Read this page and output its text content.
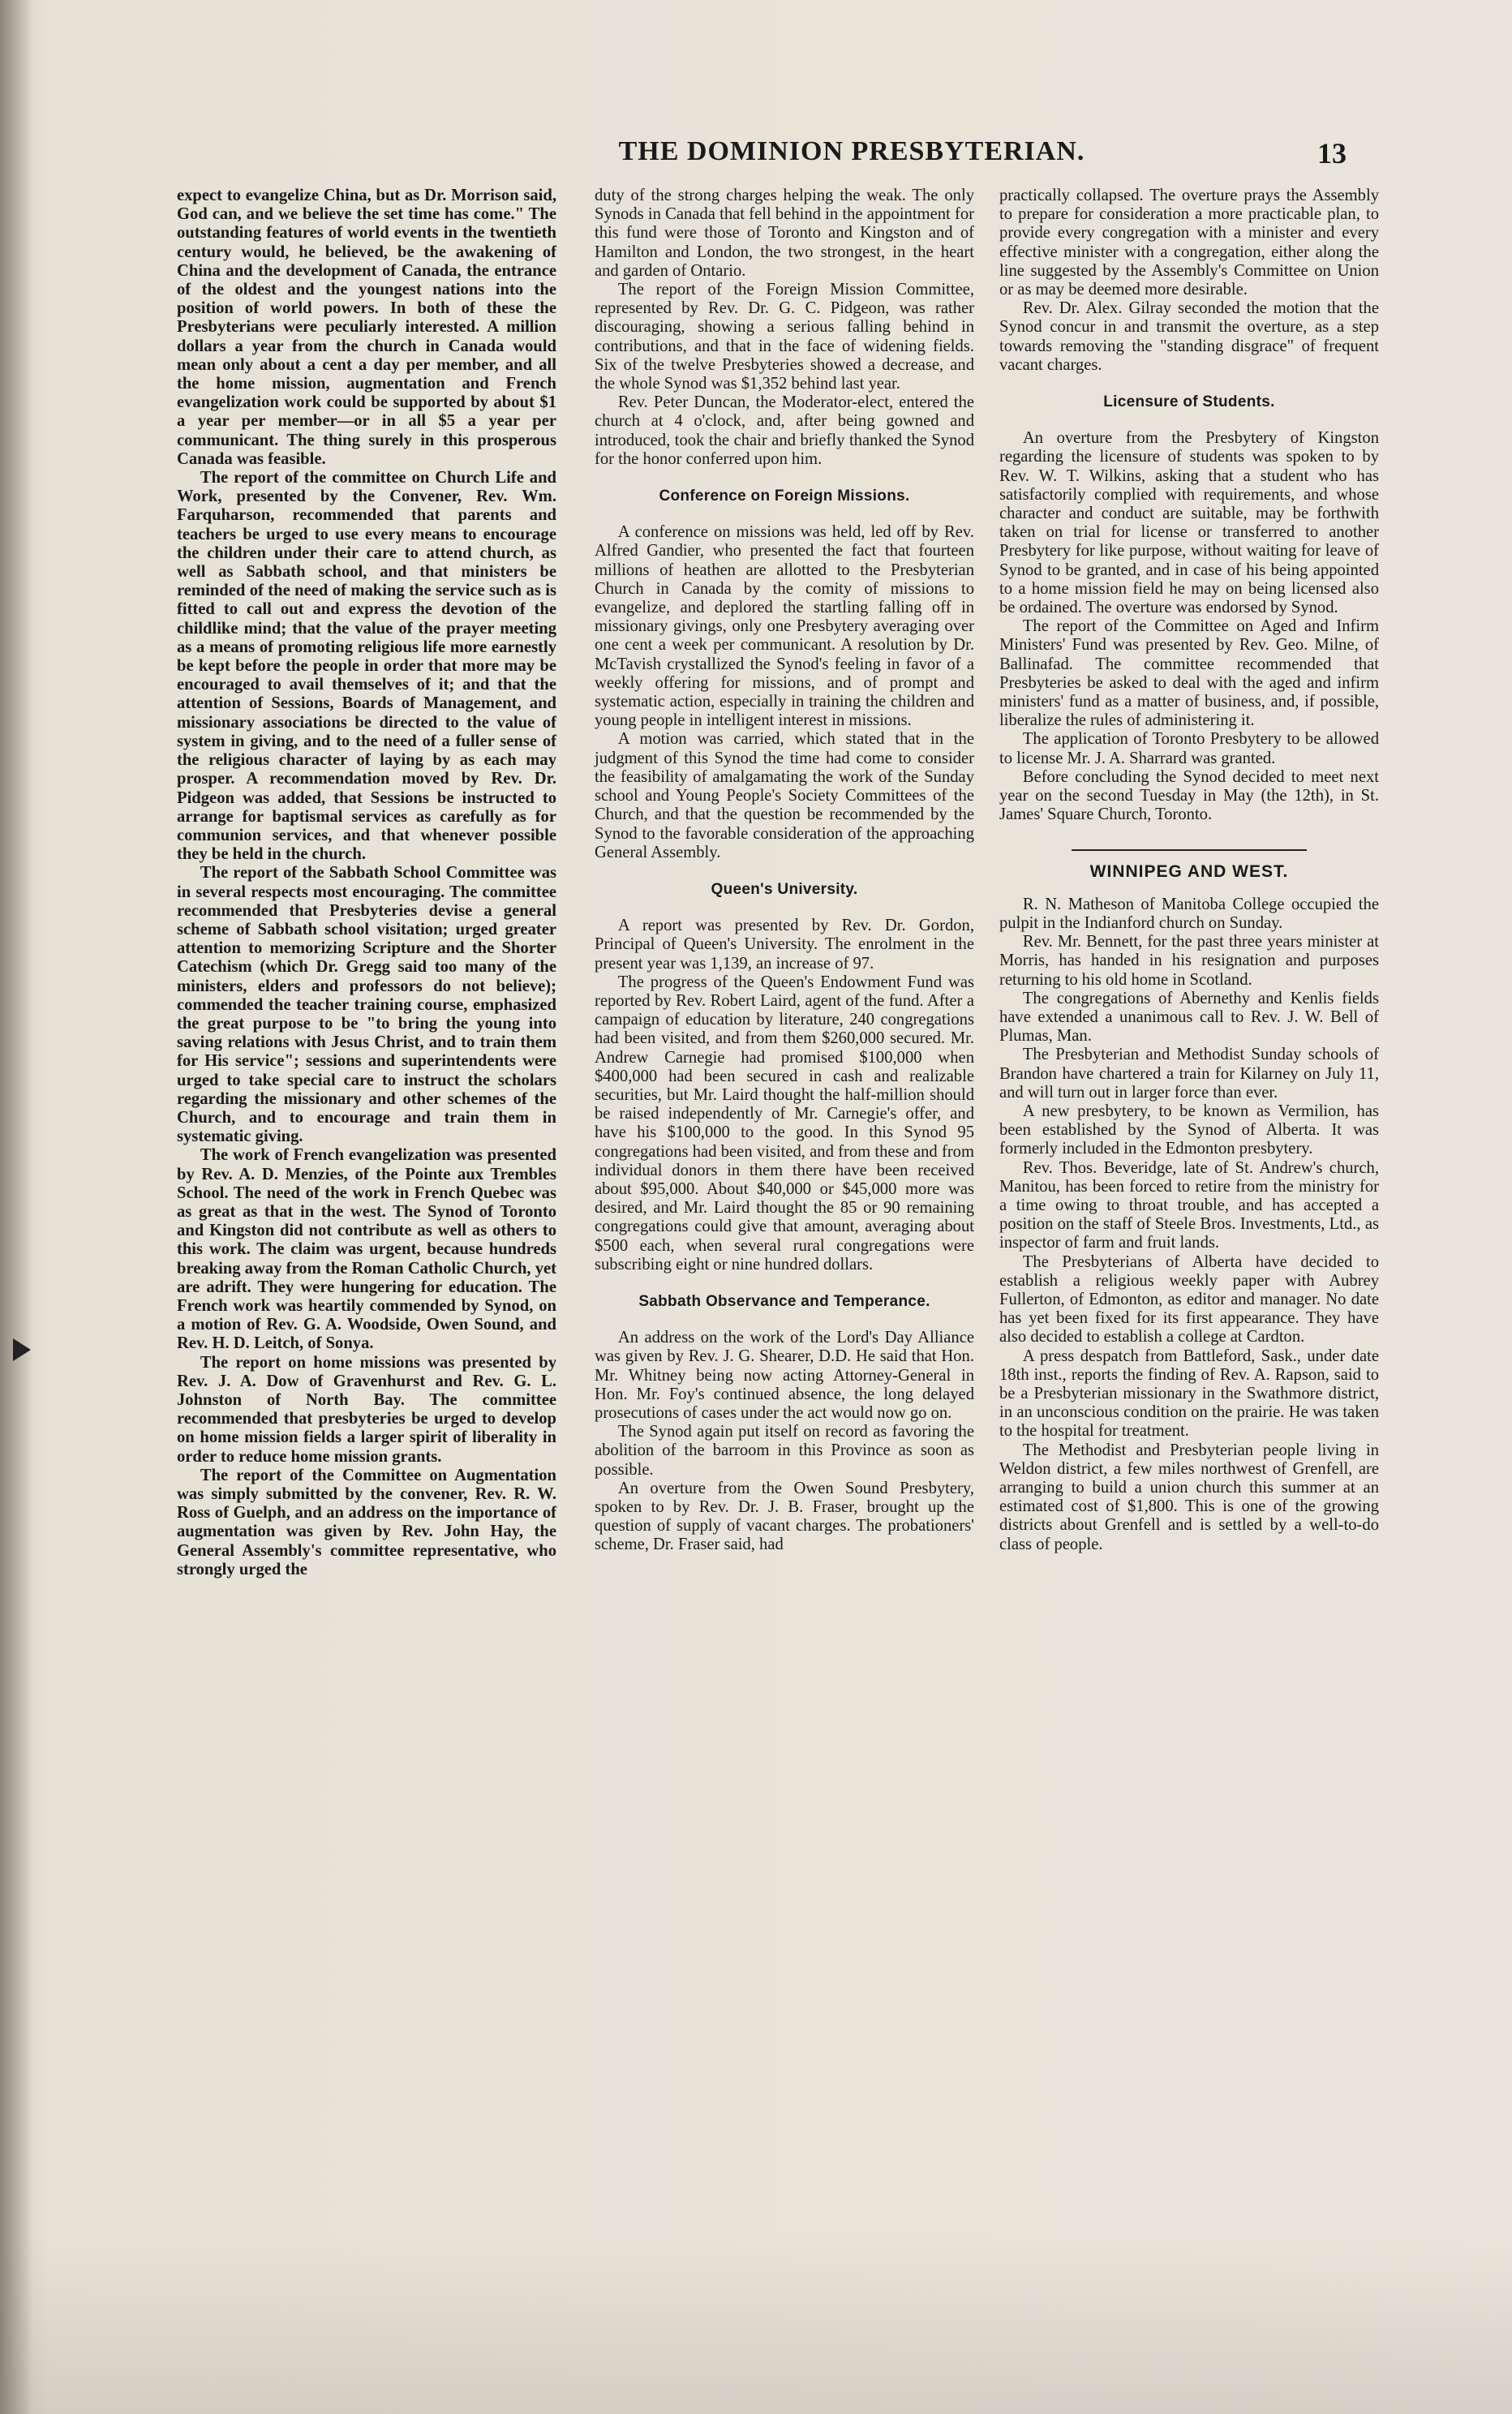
THE DOMINION PRESBYTERIAN.	13

expect to evangelize China, but as Dr. Morrison said, God can, and we believe the set time has come." The outstanding features of world events in the twentieth century would, he believed, be the awakening of China and the development of Canada, the entrance of the oldest and the youngest nations into the position of world powers. In both of these the Presbyterians were peculiarly interested. A million dollars a year from the church in Canada would mean only about a cent a day per member, and all the home mission, augmentation and French evangelization work could be supported by about $1 a year per member—or in all $5 a year per communicant. The thing surely in this prosperous Canada was feasible.

The report of the committee on Church Life and Work, presented by the Convener, Rev. Wm. Farquharson, recommended that parents and teachers be urged to use every means to encourage the children under their care to attend church, as well as Sabbath school, and that ministers be reminded of the need of making the service such as is fitted to call out and express the devotion of the childlike mind; that the value of the prayer meeting as a means of promoting religious life more earnestly be kept before the people in order that more may be encouraged to avail themselves of it; and that the attention of Sessions, Boards of Management, and missionary associations be directed to the value of system in giving, and to the need of a fuller sense of the religious character of laying by as each may prosper. A recommendation moved by Rev. Dr. Pidgeon was added, that Sessions be instructed to arrange for baptismal services as carefully as for communion services, and that whenever possible they be held in the church.

The report of the Sabbath School Committee was in several respects most encouraging. The committee recommended that Presbyteries devise a general scheme of Sabbath school visitation; urged greater attention to memorizing Scripture and the Shorter Catechism (which Dr. Gregg said too many of the ministers, elders and professors do not believe); commended the teacher training course, emphasized the great purpose to be "to bring the young into saving relations with Jesus Christ, and to train them for His service"; sessions and superintendents were urged to take special care to instruct the scholars regarding the missionary and other schemes of the Church, and to encourage and train them in systematic giving.

The work of French evangelization was presented by Rev. A. D. Menzies, of the Pointe aux Trembles School. The need of the work in French Quebec was as great as that in the west. The Synod of Toronto and Kingston did not contribute as well as others to this work. The claim was urgent, because hundreds breaking away from the Roman Catholic Church, yet are adrift. They were hungering for education. The French work was heartily commended by Synod, on a motion of Rev. G. A. Woodside, Owen Sound, and Rev. H. D. Leitch, of Sonya.

The report on home missions was presented by Rev. J. A. Dow of Gravenhurst and Rev. G. L. Johnston of North Bay. The committee recommended that presbyteries be urged to develop on home mission fields a larger spirit of liberality in order to reduce home mission grants.

The report of the Committee on Augmentation was simply submitted by the convener, Rev. R. W. Ross of Guelph, and an address on the importance of augmentation was given by Rev. John Hay, the General Assembly's committee representative, who strongly urged the

duty of the strong charges helping the weak. The only Synods in Canada that fell behind in the appointment for this fund were those of Toronto and Kingston and of Hamilton and London, the two strongest, in the heart and garden of Ontario.

The report of the Foreign Mission Committee, represented by Rev. Dr. G. C. Pidgeon, was rather discouraging, showing a serious falling behind in contributions, and that in the face of widening fields. Six of the twelve Presbyteries showed a decrease, and the whole Synod was $1,352 behind last year.

Rev. Peter Duncan, the Moderator-elect, entered the church at 4 o'clock, and, after being gowned and introduced, took the chair and briefly thanked the Synod for the honor conferred upon him.

Conference on Foreign Missions.

A conference on missions was held, led off by Rev. Alfred Gandier, who presented the fact that fourteen millions of heathen are allotted to the Presbyterian Church in Canada by the comity of missions to evangelize, and deplored the startling falling off in missionary givings, only one Presbytery averaging over one cent a week per communicant. A resolution by Dr. McTavish crystallized the Synod's feeling in favor of a weekly offering for missions, and of prompt and systematic action, especially in training the children and young people in intelligent interest in missions.

A motion was carried, which stated that in the judgment of this Synod the time had come to consider the feasibility of amalgamating the work of the Sunday school and Young People's Society Committees of the Church, and that the question be recommended by the Synod to the favorable consideration of the approaching General Assembly.

Queen's University.

A report was presented by Rev. Dr. Gordon, Principal of Queen's University. The enrolment in the present year was 1,139, an increase of 97.

The progress of the Queen's Endowment Fund was reported by Rev. Robert Laird, agent of the fund. After a campaign of education by literature, 240 congregations had been visited, and from them $260,000 secured. Mr. Andrew Carnegie had promised $100,000 when $400,000 had been secured in cash and realizable securities, but Mr. Laird thought the half-million should be raised independently of Mr. Carnegie's offer, and have his $100,000 to the good. In this Synod 95 congregations had been visited, and from these and from individual donors in them there have been received about $95,000. About $40,000 or $45,000 more was desired, and Mr. Laird thought the 85 or 90 remaining congregations could give that amount, averaging about $500 each, when several rural congregations were subscribing eight or nine hundred dollars.

Sabbath Observance and Temperance.

An address on the work of the Lord's Day Alliance was given by Rev. J. G. Shearer, D.D. He said that Hon. Mr. Whitney being now acting Attorney-General in Hon. Mr. Foy's continued absence, the long delayed prosecutions of cases under the act would now go on.

The Synod again put itself on record as favoring the abolition of the barroom in this Province as soon as possible.

An overture from the Owen Sound Presbytery, spoken to by Rev. Dr. J. B. Fraser, brought up the question of supply of vacant charges. The probationers' scheme, Dr. Fraser said, had

practically collapsed. The overture prays the Assembly to prepare for consideration a more practicable plan, to provide every congregation with a minister and every effective minister with a congregation, either along the line suggested by the Assembly's Committee on Union or as may be deemed more desirable.

Rev. Dr. Alex. Gilray seconded the motion that the Synod concur in and transmit the overture, as a step towards removing the "standing disgrace" of frequent vacant charges.

Licensure of Students.

An overture from the Presbytery of Kingston regarding the licensure of students was spoken to by Rev. W. T. Wilkins, asking that a student who has satisfactorily complied with requirements, and whose character and conduct are suitable, may be forthwith taken on trial for license or transferred to another Presbytery for like purpose, without waiting for leave of Synod to be granted, and in case of his being appointed to a home mission field he may on being licensed also be ordained. The overture was endorsed by Synod.

The report of the Committee on Aged and Infirm Ministers' Fund was presented by Rev. Geo. Milne, of Ballinafad. The committee recommended that Presbyteries be asked to deal with the aged and infirm ministers' fund as a matter of business, and, if possible, liberalize the rules of administering it.

The application of Toronto Presbytery to be allowed to license Mr. J. A. Sharrard was granted.

Before concluding the Synod decided to meet next year on the second Tuesday in May (the 12th), in St. James' Square Church, Toronto.

WINNIPEG AND WEST.

R. N. Matheson of Manitoba College occupied the pulpit in the Indianford church on Sunday.

Rev. Mr. Bennett, for the past three years minister at Morris, has handed in his resignation and purposes returning to his old home in Scotland.

The congregations of Abernethy and Kenlis fields have extended a unanimous call to Rev. J. W. Bell of Plumas, Man.

The Presbyterian and Methodist Sunday schools of Brandon have chartered a train for Kilarney on July 11, and will turn out in larger force than ever.

A new presbytery, to be known as Vermilion, has been established by the Synod of Alberta. It was formerly included in the Edmonton presbytery.

Rev. Thos. Beveridge, late of St. Andrew's church, Manitou, has been forced to retire from the ministry for a time owing to throat trouble, and has accepted a position on the staff of Steele Bros. Investments, Ltd., as inspector of farm and fruit lands.

The Presbyterians of Alberta have decided to establish a religious weekly paper with Aubrey Fullerton, of Edmonton, as editor and manager. No date has yet been fixed for its first appearance. They have also decided to establish a college at Cardton.

A press despatch from Battleford, Sask., under date 18th inst., reports the finding of Rev. A. Rapson, said to be a Presbyterian missionary in the Swathmore district, in an unconscious condition on the prairie. He was taken to the hospital for treatment.

The Methodist and Presbyterian people living in Weldon district, a few miles northwest of Grenfell, are arranging to build a union church this summer at an estimated cost of $1,800. This is one of the growing districts about Grenfell and is settled by a well-to-do class of people.
